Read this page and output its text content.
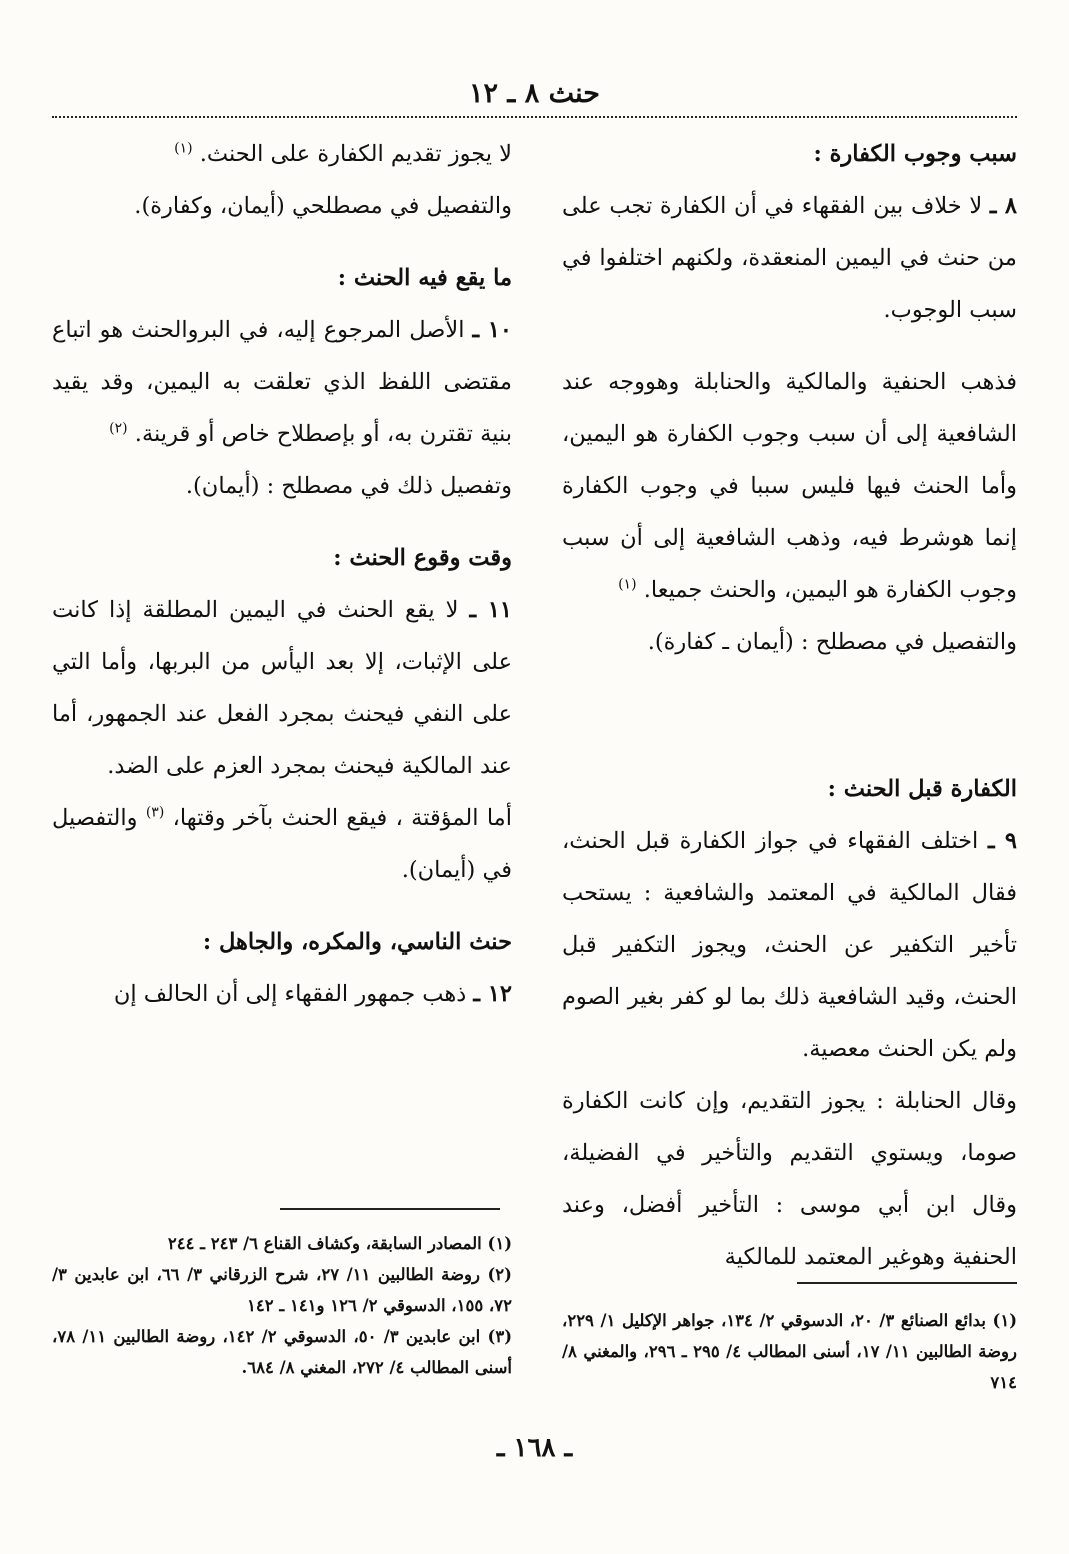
حنث ٨ ـ ١٢

سبب وجوب الكفارة :

٨ ـ لا خلاف بين الفقهاء في أن الكفارة تجب على من حنث في اليمين المنعقدة، ولكنهم اختلفوا في سبب الوجوب.

فذهب الحنفية والمالكية والحنابلة وهووجه عند الشافعية إلى أن سبب وجوب الكفارة هو اليمين، وأما الحنث فيها فليس سببا في وجوب الكفارة إنما هوشرط فيه، وذهب الشافعية إلى أن سبب وجوب الكفارة هو اليمين، والحنث جميعا. $^{(١)}$

والتفصيل في مصطلح : (أيمان ـ كفارة).

الكفارة قبل الحنث :

٩ ـ اختلف الفقهاء في جواز الكفارة قبل الحنث، فقال المالكية في المعتمد والشافعية : يستحب تأخير التكفير عن الحنث، ويجوز التكفير قبل الحنث، وقيد الشافعية ذلك بما لو كفر بغير الصوم ولم يكن الحنث معصية.

وقال الحنابلة : يجوز التقديم، وإن كانت الكفارة صوما، ويستوي التقديم والتأخير في الفضيلة، وقال ابن أبي موسى : التأخير أفضل، وعند الحنفية وهوغير المعتمد للمالكية

لا يجوز تقديم الكفارة على الحنث. $^{(١)}$

والتفصيل في مصطلحي (أيمان، وكفارة).

ما يقع فيه الحنث :

١٠ ـ الأصل المرجوع إليه، في البروالحنث هو اتباع مقتضى اللفظ الذي تعلقت به اليمين، وقد يقيد بنية تقترن به، أو بإصطلاح خاص أو قرينة. $^{(٢)}$

وتفصيل ذلك في مصطلح : (أيمان).

وقت وقوع الحنث :

١١ ـ لا يقع الحنث في اليمين المطلقة إذا كانت على الإثبات، إلا بعد اليأس من البربها، وأما التي على النفي فيحنث بمجرد الفعل عند الجمهور، أما عند المالكية فيحنث بمجرد العزم على الضد.

أما المؤقتة ، فيقع الحنث بآخر وقتها، $^{(٣)}$ والتفصيل في (أيمان).

حنث الناسي، والمكره، والجاهل :

١٢ ـ ذهب جمهور الفقهاء إلى أن الحالف إن

(١) بدائع الصنائع ٣/ ٢٠، الدسوقي ٢/ ١٣٤، جواهر الإكليل ١/ ٢٢٩، روضة الطالبين ١١/ ١٧، أسنى المطالب ٤/ ٢٩٥ ـ ٢٩٦، والمغني ٨/ ٧١٤

(١) المصادر السابقة، وكشاف القناع ٦/ ٢٤٣ ـ ٢٤٤

(٢) روضة الطالبين ١١/ ٢٧، شرح الزرقاني ٣/ ٦٦، ابن عابدين ٣/ ٧٢، ١٥٥، الدسوقي ٢/ ١٢٦ و١٤١ ـ ١٤٢

(٣) ابن عابدين ٣/ ٥٠، الدسوقي ٢/ ١٤٢، روضة الطالبين ١١/ ٧٨، أسنى المطالب ٤/ ٢٧٢، المغني ٨/ ٦٨٤.

ـ ١٦٨ ـ
